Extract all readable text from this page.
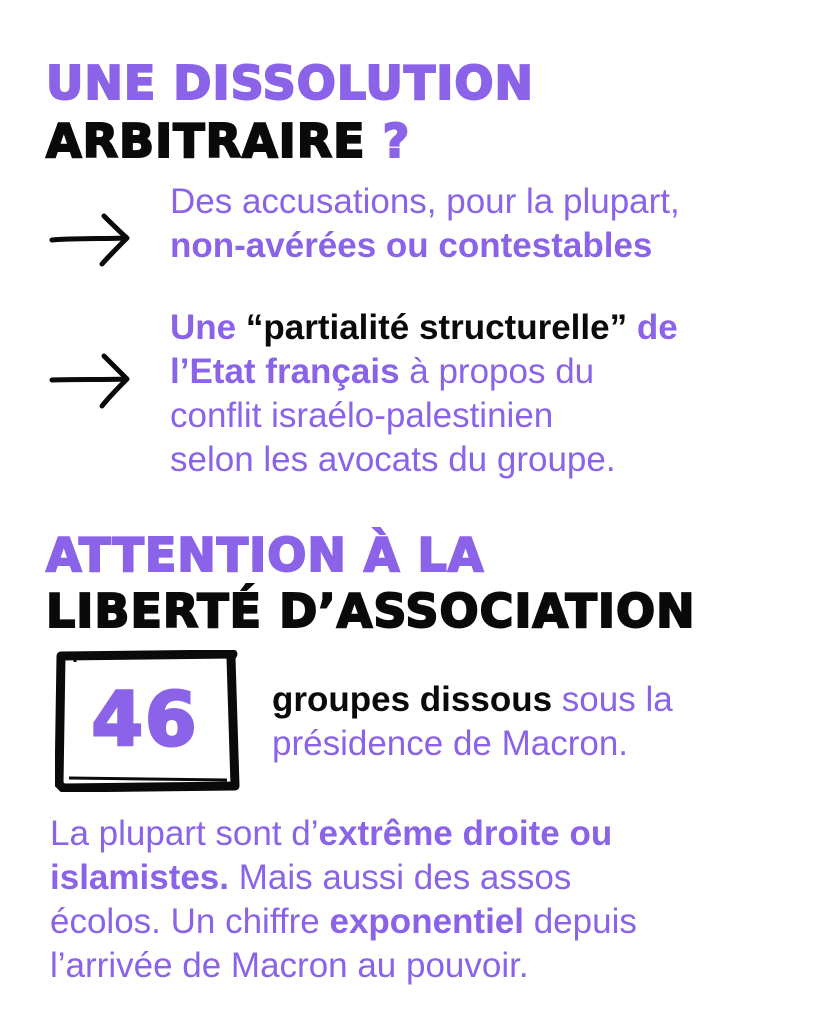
UNE DISSOLUTION
ARBITRAIRE ?
Des accusations, pour la plupart,
non-avérées ou contestables
Une “partialité structurelle” de
l’Etat français à propos du
conflit israélo-palestinien
selon les avocats du groupe.
ATTENTION À LA
LIBERTÉ D’ASSOCIATION
46	groupes dissous sous la
présidence de Macron.
La plupart sont d’extrême droite ou
islamistes. Mais aussi des assos
écolos. Un chiffre exponentiel depuis
l’arrivée de Macron au pouvoir.
